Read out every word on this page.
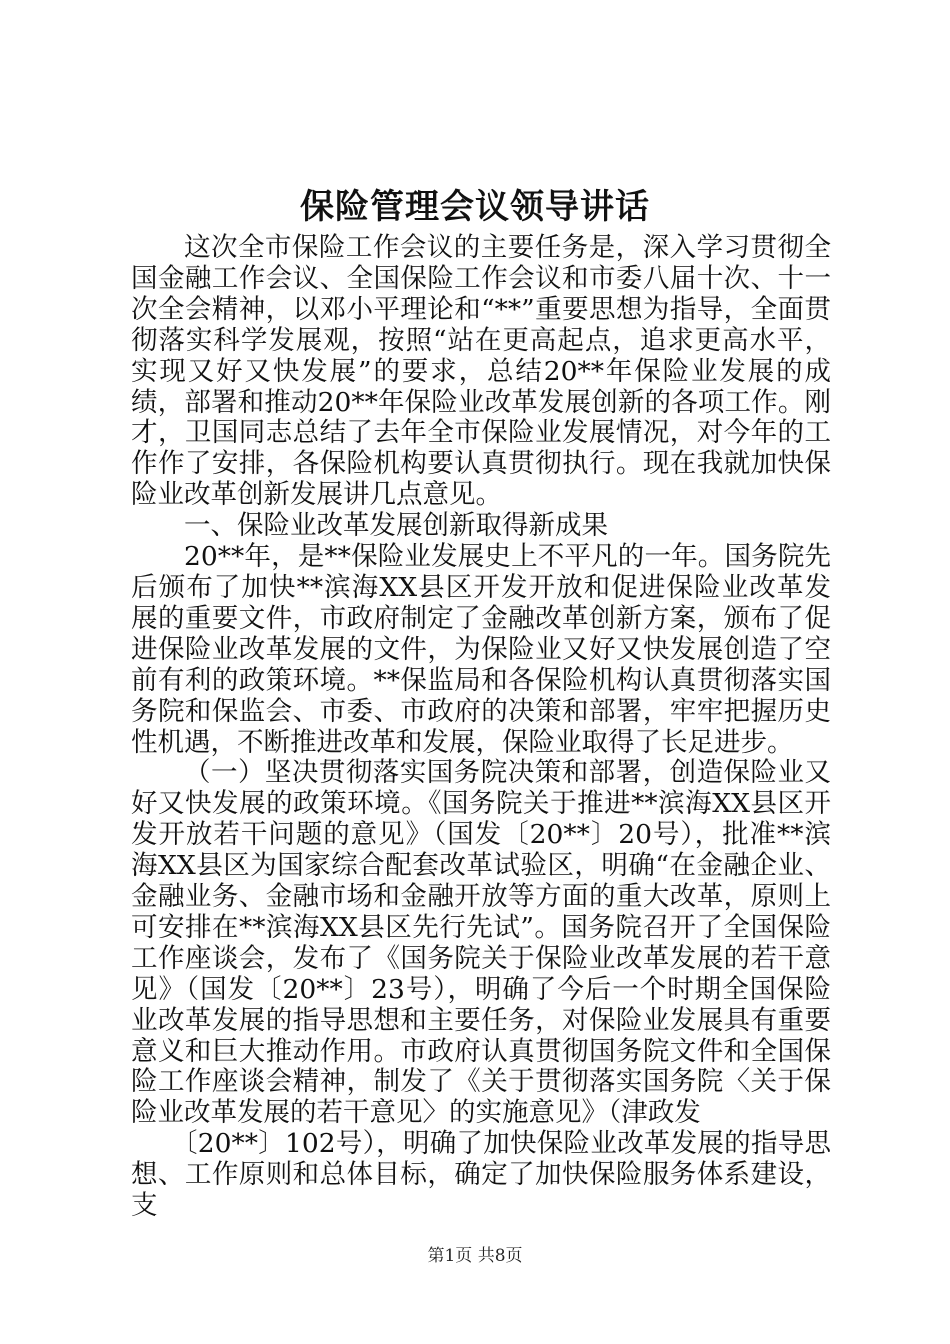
保险管理会议领导讲话

这次全市保险工作会议的主要任务是，深入学习贯彻全国金融工作会议、全国保险工作会议和市委八届十次、十一次全会精神，以邓小平理论和“**”重要思想为指导，全面贯彻落实科学发展观，按照“站在更高起点，追求更高水平，实现又好又快发展”的要求，总结20**年保险业发展的成绩，部署和推动20**年保险业改革发展创新的各项工作。刚才，卫国同志总结了去年全市保险业发展情况，对今年的工作作了安排，各保险机构要认真贯彻执行。现在我就加快保险业改革创新发展讲几点意见。

一、保险业改革发展创新取得新成果

20**年，是**保险业发展史上不平凡的一年。国务院先后颁布了加快**滨海XX县区开发开放和促进保险业改革发展的重要文件，市政府制定了金融改革创新方案，颁布了促进保险业改革发展的文件，为保险业又好又快发展创造了空前有利的政策环境。**保监局和各保险机构认真贯彻落实国务院和保监会、市委、市政府的决策和部署，牢牢把握历史性机遇，不断推进改革和发展，保险业取得了长足进步。

（一）坚决贯彻落实国务院决策和部署，创造保险业又好又快发展的政策环境。《国务院关于推进**滨海XX县区开发开放若干问题的意见》（国发〔20**〕20号），批准**滨海XX县区为国家综合配套改革试验区，明确“在金融企业、金融业务、金融市场和金融开放等方面的重大改革，原则上可安排在**滨海XX县区先行先试”。国务院召开了全国保险工作座谈会，发布了《国务院关于保险业改革发展的若干意见》（国发〔20**〕23号），明确了今后一个时期全国保险业改革发展的指导思想和主要任务，对保险业发展具有重要意义和巨大推动作用。市政府认真贯彻国务院文件和全国保险工作座谈会精神，制发了《关于贯彻落实国务院〈关于保险业改革发展的若干意见〉的实施意见》（津政发

〔20**〕102号），明确了加快保险业改革发展的指导思想、工作原则和总体目标，确定了加快保险服务体系建设，支

第1页 共8页
